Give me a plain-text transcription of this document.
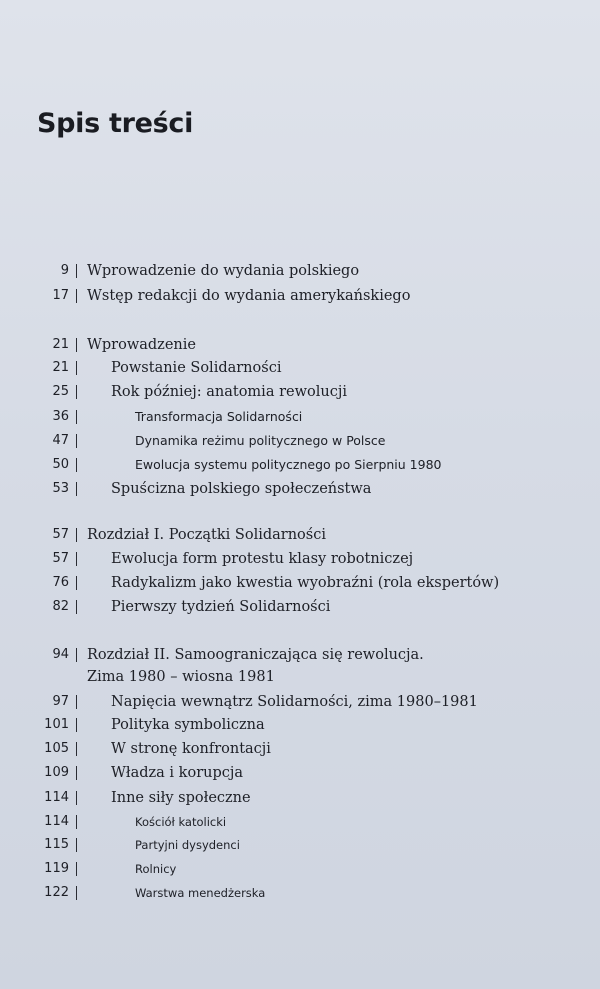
Spis treści
9 Wprowadzenie do wydania polskiego
17 Wstęp redakcji do wydania amerykańskiego
21 Wprowadzenie
21	Powstanie Solidarności
25	Rok później: anatomia rewolucji
36	Transformacja Solidarności
47	Dynamika reżimu politycznego w Polsce
50	Ewolucja systemu politycznego po Sierpniu 1980
53	Spuścizna polskiego społeczeństwa
57 Rozdział I. Początki Solidarności
57	Ewolucja form protestu klasy robotniczej
76	Radykalizm jako kwestia wyobraźni (rola ekspertów)
82	Pierwszy tydzień Solidarności
94 Rozdział II. Samoograniczająca się rewolucja.
Zima 1980 – wiosna 1981
97	Napięcia wewnątrz Solidarności, zima 1980–1981
101	Polityka symboliczna
105	W stronę konfrontacji
109	Władza i korupcja
114	Inne siły społeczne
114	Kościół katolicki
115	Partyjni dysydenci
119	Rolnicy
122	Warstwa menedżerska
